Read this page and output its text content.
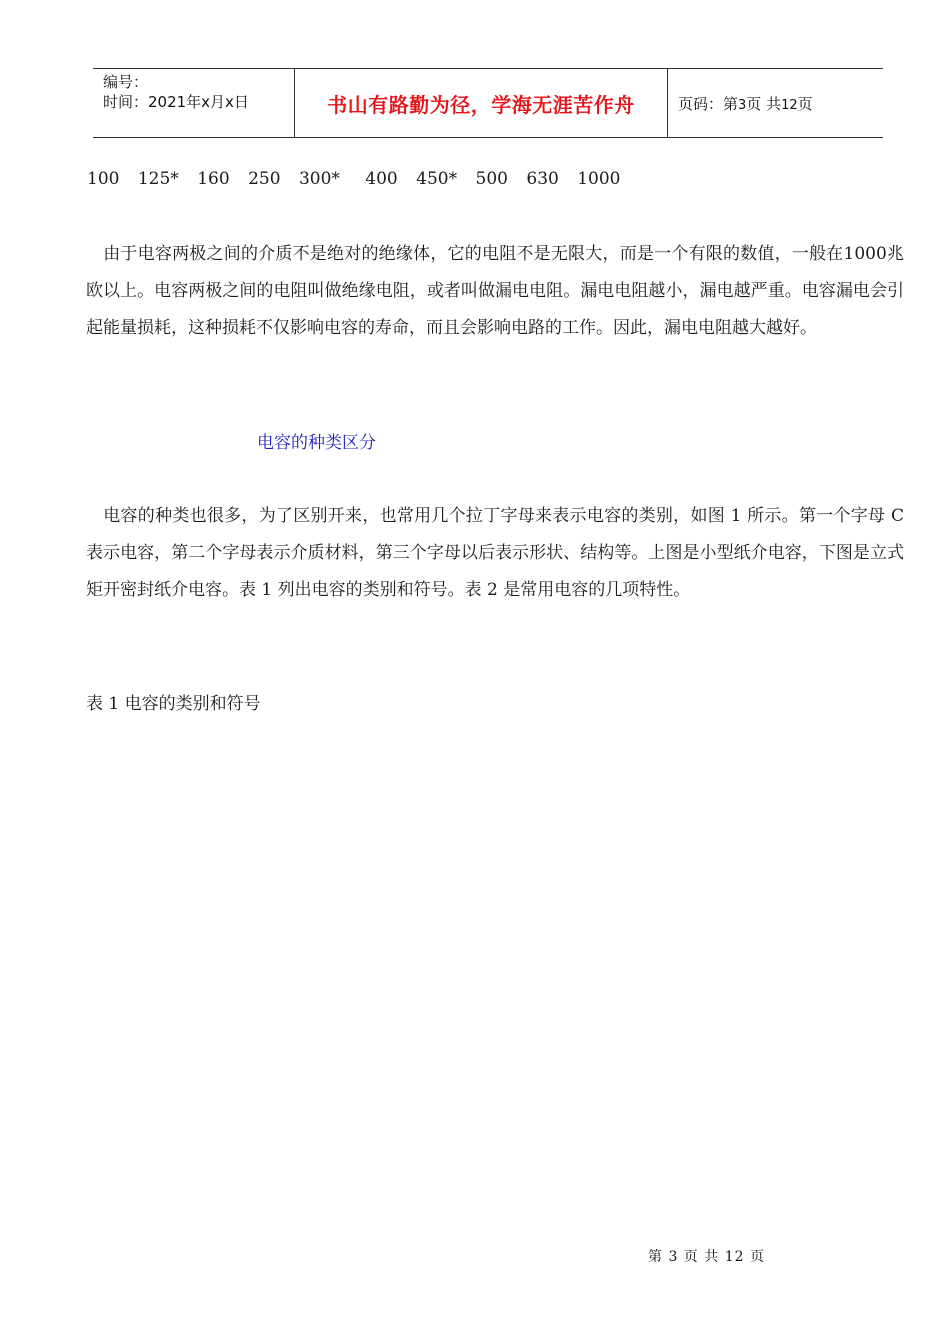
编号：
时间：2021年x月x日	书山有路勤为径，学海无涯苦作舟	页码：第3页 共12页
100 125* 160 250 300* 400 450* 500 630 1000

由于电容两极之间的介质不是绝对的绝缘体，它的电阻不是无限大，而是一个有限的数值，一般在1000兆欧以上。电容两极之间的电阻叫做绝缘电阻，或者叫做漏电电阻。漏电电阻越小，漏电越严重。电容漏电会引起能量损耗，这种损耗不仅影响电容的寿命，而且会影响电路的工作。因此，漏电电阻越大越好。

电容的种类区分

电容的种类也很多，为了区别开来，也常用几个拉丁字母来表示电容的类别，如图 1 所示。第一个字母 C 表示电容，第二个字母表示介质材料，第三个字母以后表示形状、结构等。上图是小型纸介电容，下图是立式矩开密封纸介电容。表 1 列出电容的类别和符号。表 2 是常用电容的几项特性。

表 1 电容的类别和符号
第 3 页 共 12 页
